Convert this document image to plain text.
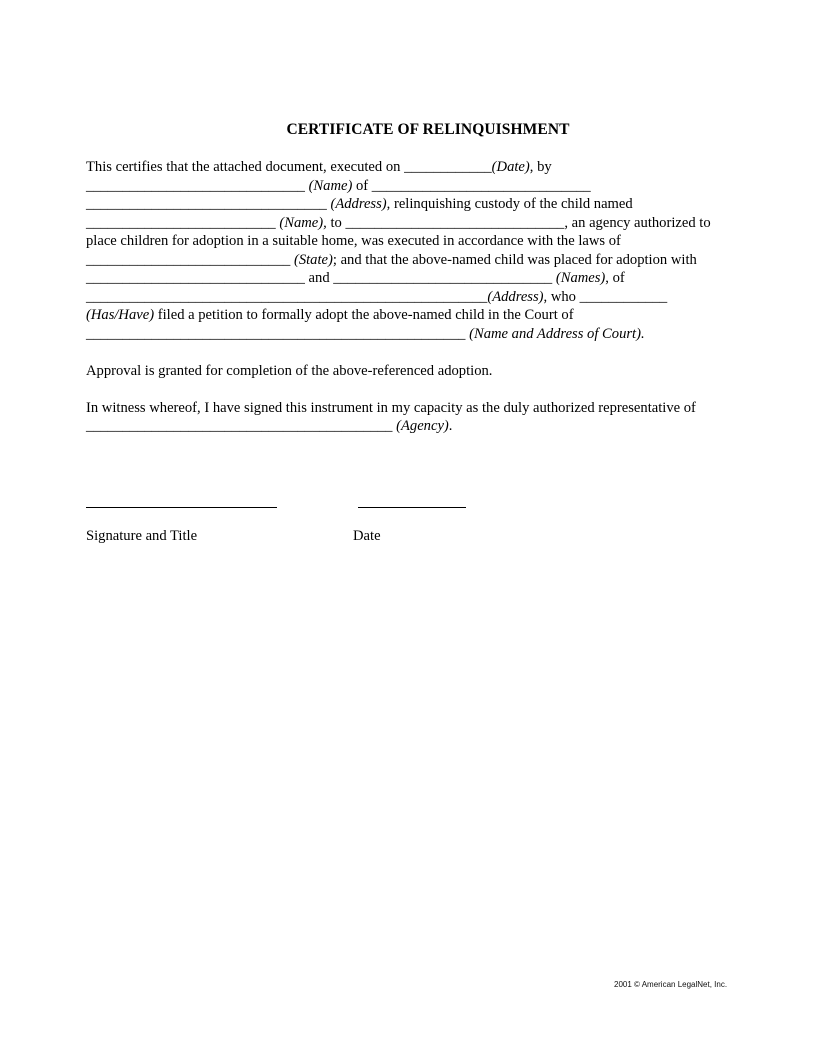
CERTIFICATE OF RELINQUISHMENT
This certifies that the attached document, executed on ____________(Date), by
______________________________ (Name) of ______________________________
_________________________________ (Address), relinquishing custody of the child named
__________________________ (Name), to ______________________________, an agency authorized to
place children for adoption in a suitable home, was executed in accordance with the laws of
____________________________ (State); and that the above-named child was placed for adoption with
______________________________ and ______________________________ (Names), of
_______________________________________________________(Address), who ____________
(Has/Have) filed a petition to formally adopt the above-named child in the Court of
____________________________________________________ (Name and Address of Court).
Approval is granted for completion of the above-referenced adoption.
In witness whereof, I have signed this instrument in my capacity as the duly authorized representative of
__________________________________________ (Agency).
Signature and Title	Date
2001 © American LegalNet, Inc.
